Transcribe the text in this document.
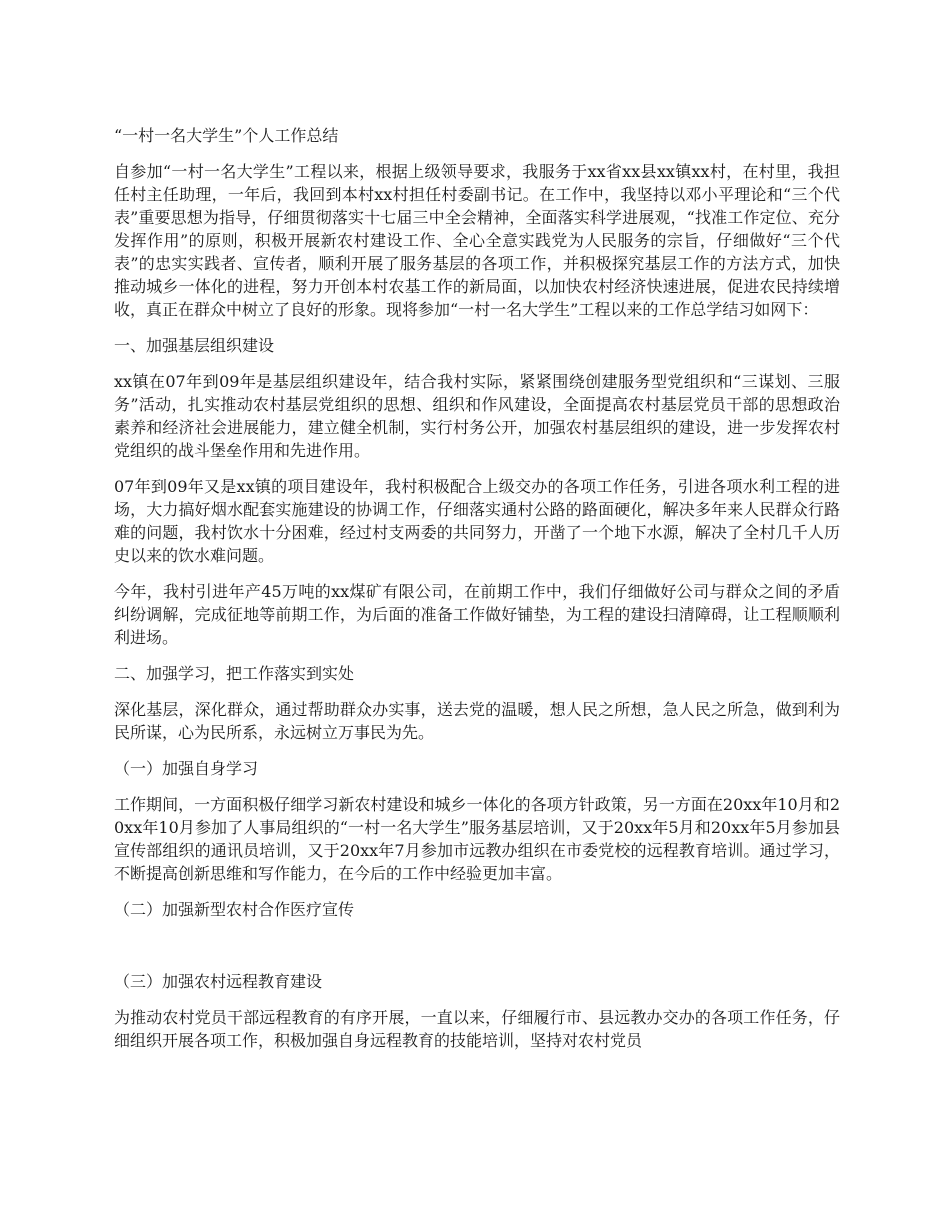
“一村一名大学生”个人工作总结

自参加“一村一名大学生”工程以来，根据上级领导要求，我服务于xx省xx县xx镇xx村，在村里，我担任村主任助理，一年后，我回到本村xx村担任村委副书记。在工作中，我坚持以邓小平理论和“三个代表”重要思想为指导，仔细贯彻落实十七届三中全会精神，全面落实科学进展观，“找准工作定位、充分发挥作用”的原则，积极开展新农村建设工作、全心全意实践党为人民服务的宗旨，仔细做好“三个代表”的忠实实践者、宣传者，顺利开展了服务基层的各项工作，并积极探究基层工作的方法方式，加快推动城乡一体化的进程，努力开创本村农基工作的新局面，以加快农村经济快速进展，促进农民持续增收，真正在群众中树立了良好的形象。现将参加“一村一名大学生”工程以来的工作总学结习如网下：

一、加强基层组织建设

xx镇在07年到09年是基层组织建设年，结合我村实际，紧紧围绕创建服务型党组织和“三谋划、三服务”活动，扎实推动农村基层党组织的思想、组织和作风建设，全面提高农村基层党员干部的思想政治素养和经济社会进展能力，建立健全机制，实行村务公开，加强农村基层组织的建设，进一步发挥农村党组织的战斗堡垒作用和先进作用。

07年到09年又是xx镇的项目建设年，我村积极配合上级交办的各项工作任务，引进各项水利工程的进场，大力搞好烟水配套实施建设的协调工作，仔细落实通村公路的路面硬化，解决多年来人民群众行路难的问题，我村饮水十分困难，经过村支两委的共同努力，开凿了一个地下水源，解决了全村几千人历史以来的饮水难问题。

今年，我村引进年产45万吨的xx煤矿有限公司，在前期工作中，我们仔细做好公司与群众之间的矛盾纠纷调解，完成征地等前期工作，为后面的准备工作做好铺垫，为工程的建设扫清障碍，让工程顺顺利利进场。

二、加强学习，把工作落实到实处

深化基层，深化群众，通过帮助群众办实事，送去党的温暖，想人民之所想，急人民之所急，做到利为民所谋，心为民所系，永远树立万事民为先。

（一）加强自身学习

工作期间，一方面积极仔细学习新农村建设和城乡一体化的各项方针政策，另一方面在20xx年10月和20xx年10月参加了人事局组织的“一村一名大学生”服务基层培训，又于20xx年5月和20xx年5月参加县宣传部组织的通讯员培训，又于20xx年7月参加市远教办组织在市委党校的远程教育培训。通过学习，不断提高创新思维和写作能力，在今后的工作中经验更加丰富。

（二）加强新型农村合作医疗宣传
（三）加强农村远程教育建设

为推动农村党员干部远程教育的有序开展，一直以来，仔细履行市、县远教办交办的各项工作任务，仔细组织开展各项工作，积极加强自身远程教育的技能培训，坚持对农村党员
